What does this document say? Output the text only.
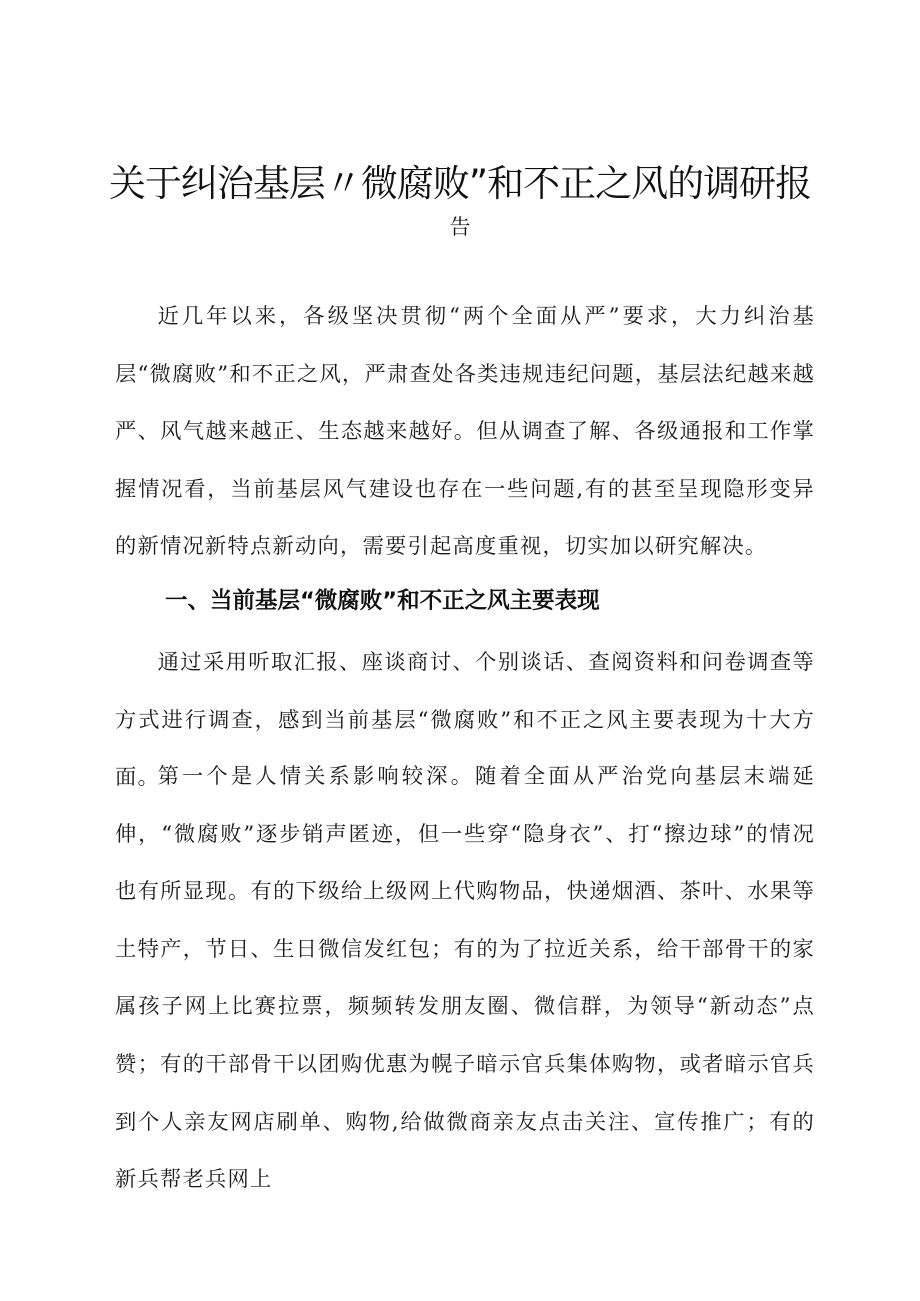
关于纠治基层〃微腐败”和不正之风的调研报
告

近几年以来，各级坚决贯彻“两个全面从严”要求，大力纠治基层“微腐败”和不正之风，严肃查处各类违规违纪问题，基层法纪越来越严、风气越来越正、生态越来越好。但从调查了解、各级通报和工作掌握情况看，当前基层风气建设也存在一些问题,有的甚至呈现隐形变异的新情况新特点新动向，需要引起高度重视，切实加以研究解决。

一、当前基层“微腐败”和不正之风主要表现

通过采用听取汇报、座谈商讨、个别谈话、查阅资料和问卷调查等方式进行调查，感到当前基层“微腐败”和不正之风主要表现为十大方面。

第一个是人情关系影响较深。随着全面从严治党向基层末端延伸，“微腐败”逐步销声匿迹，但一些穿“隐身衣”、打“擦边球”的情况也有所显现。有的下级给上级网上代购物品，快递烟酒、茶叶、水果等土特产，节日、生日微信发红包；有的为了拉近关系，给干部骨干的家属孩子网上比赛拉票，频频转发朋友圈、微信群，为领导“新动态”点赞；有的干部骨干以团购优惠为幌子暗示官兵集体购物，或者暗示官兵到个人亲友网店刷单、购物,给做微商亲友点击关注、宣传推广；有的新兵帮老兵网上
